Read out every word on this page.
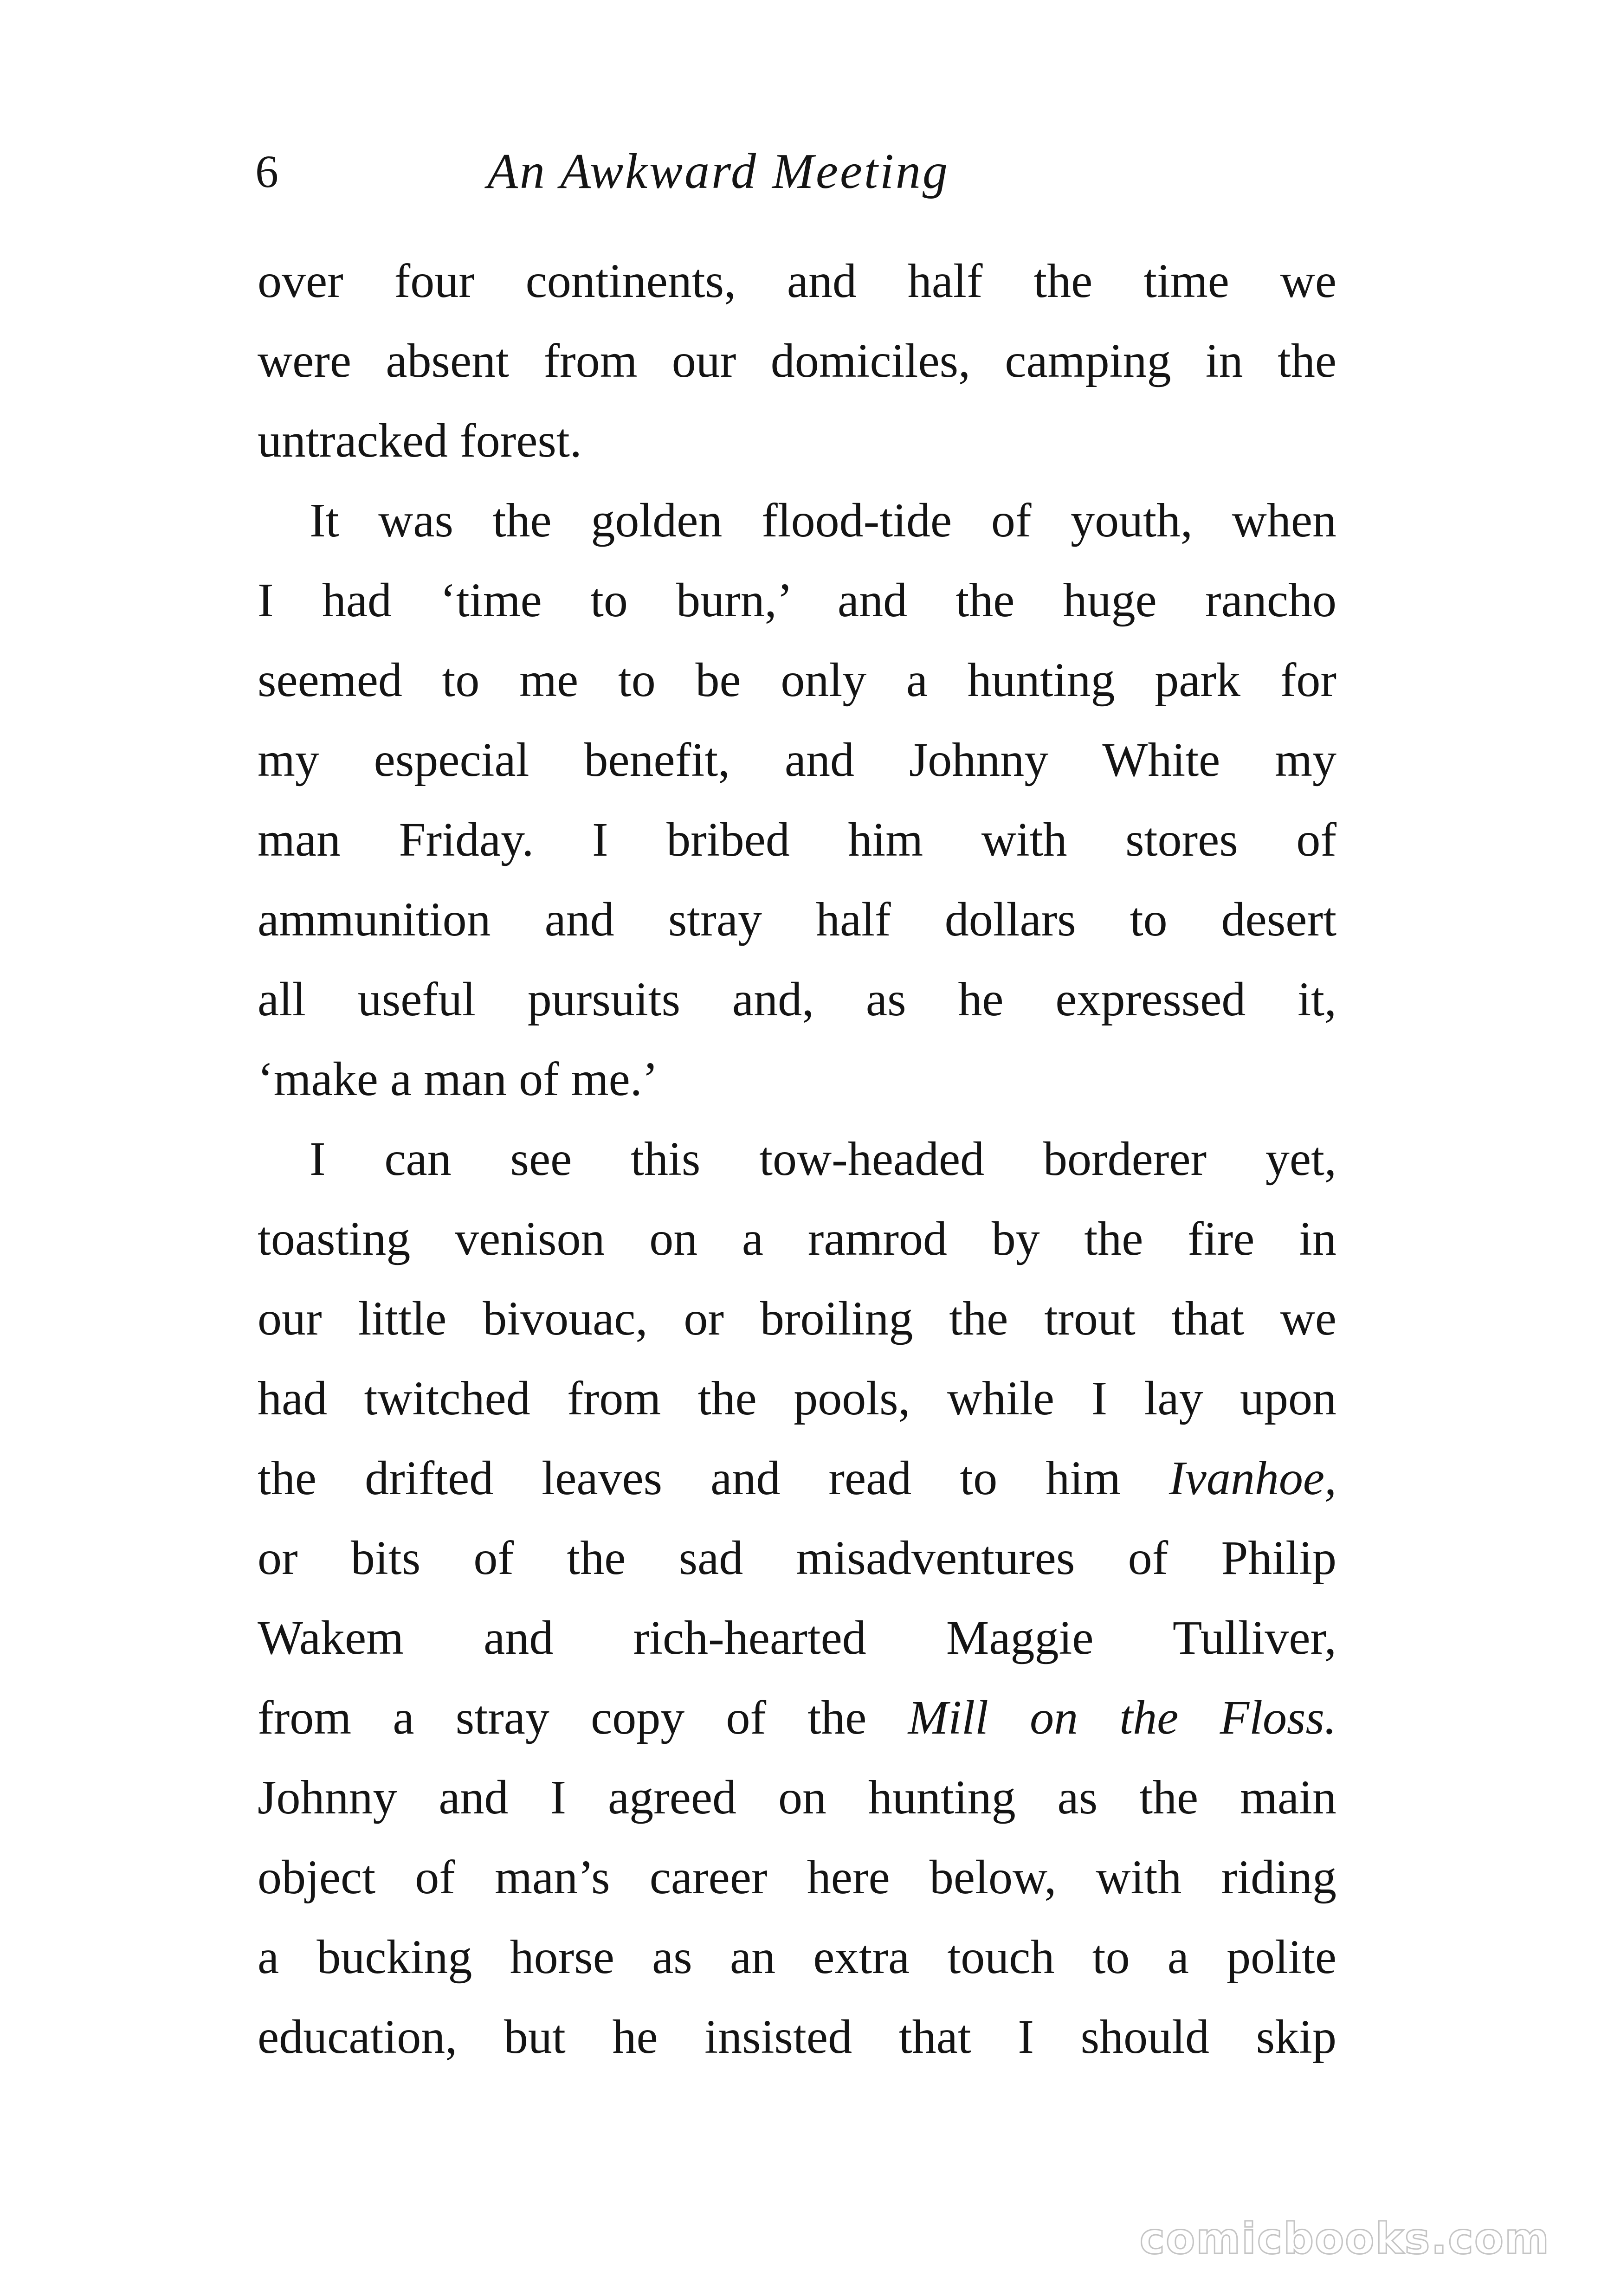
6	An Awkward Meeting
over four continents, and half the time we
were absent from our domiciles, camping in the
untracked forest.
It was the golden flood-tide of youth, when
I had ‘time to burn,’ and the huge rancho
seemed to me to be only a hunting park for
my especial benefit, and Johnny White my
man Friday. I bribed him with stores of
ammunition and stray half dollars to desert
all useful pursuits and, as he expressed it,
‘make a man of me.’
I can see this tow-headed borderer yet,
toasting venison on a ramrod by the fire in
our little bivouac, or broiling the trout that we
had twitched from the pools, while I lay upon
the drifted leaves and read to him Ivanhoe,
or bits of the sad misadventures of Philip
Wakem and rich-hearted Maggie Tulliver,
from a stray copy of the Mill on the Floss.
Johnny and I agreed on hunting as the main
object of man’s career here below, with riding
a bucking horse as an extra touch to a polite
education, but he insisted that I should skip
comicbooks.com
